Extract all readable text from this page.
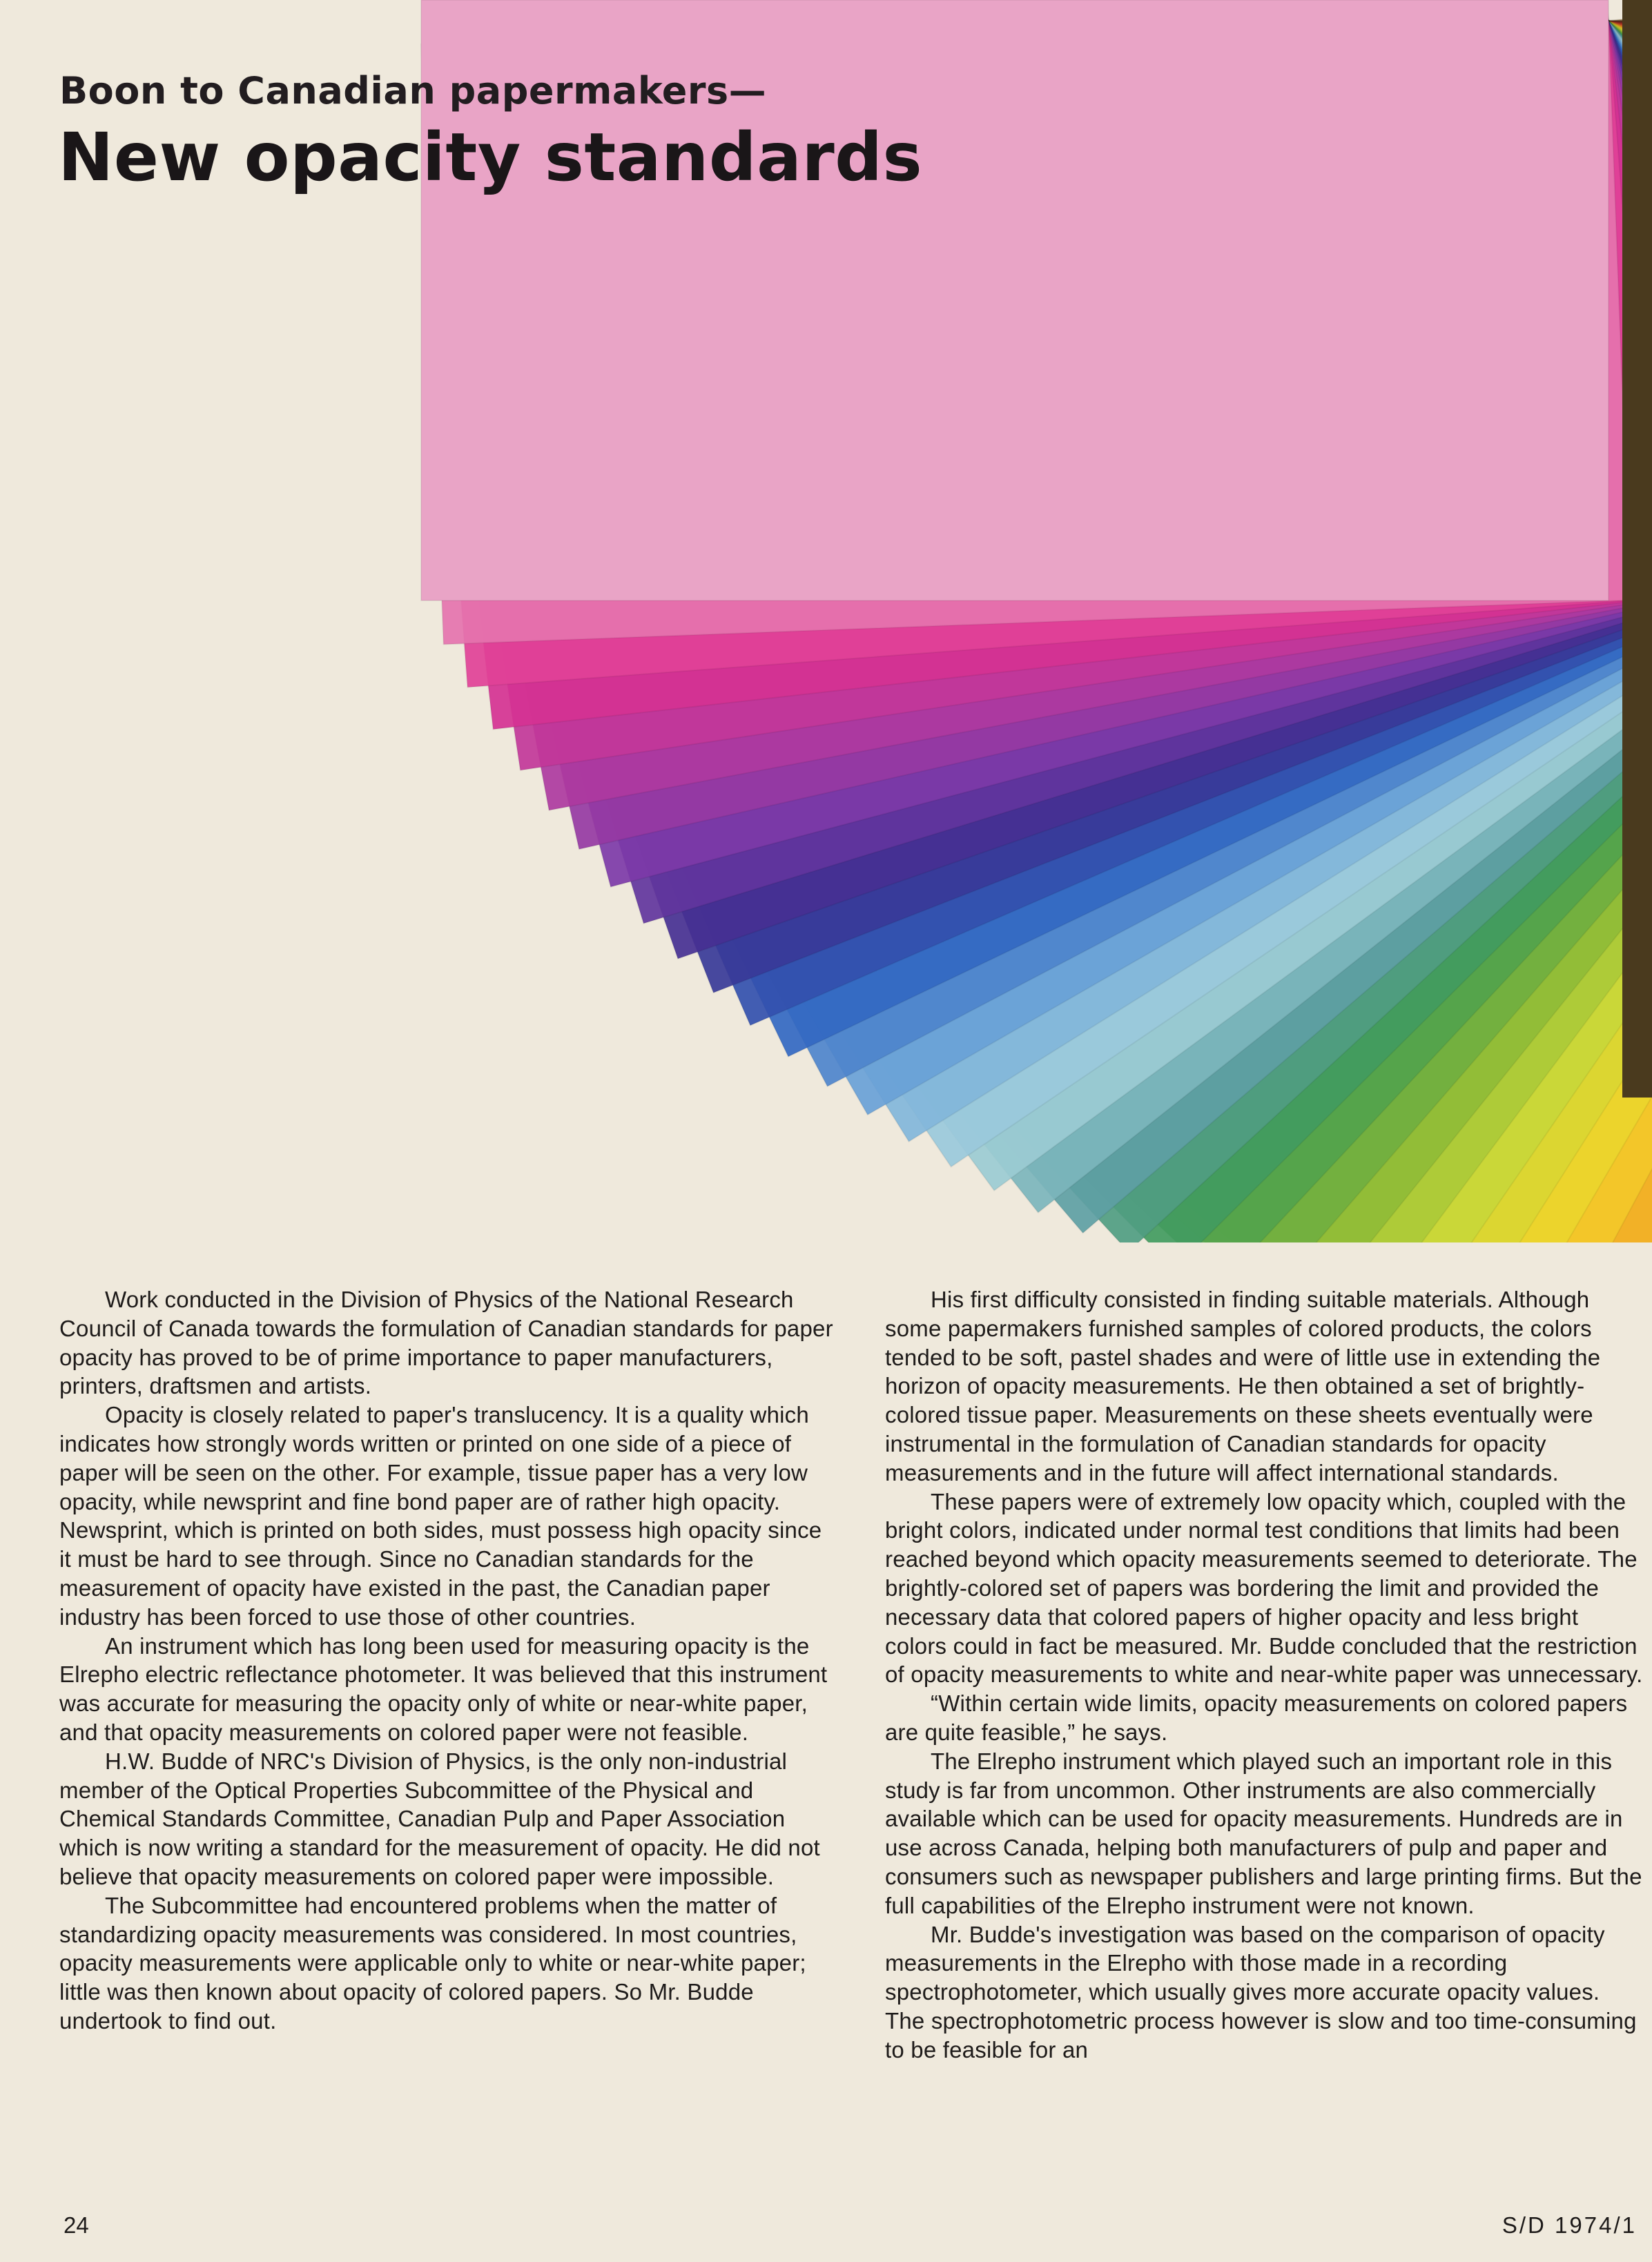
Boon to Canadian papermakers—
New opacity standards

Work conducted in the Division of Physics of the National Research Council of Canada towards the formulation of Canadian standards for paper opacity has proved to be of prime importance to paper manufacturers, printers, draftsmen and artists.

Opacity is closely related to paper's translucency. It is a quality which indicates how strongly words written or printed on one side of a piece of paper will be seen on the other. For example, tissue paper has a very low opacity, while newsprint and fine bond paper are of rather high opacity. Newsprint, which is printed on both sides, must possess high opacity since it must be hard to see through. Since no Canadian standards for the measurement of opacity have existed in the past, the Canadian paper industry has been forced to use those of other countries.

An instrument which has long been used for measuring opacity is the Elrepho electric reflectance photometer. It was believed that this instrument was accurate for measuring the opacity only of white or near-white paper, and that opacity measurements on colored paper were not feasible.

H.W. Budde of NRC's Division of Physics, is the only non-industrial member of the Optical Properties Subcommittee of the Physical and Chemical Standards Committee, Canadian Pulp and Paper Association which is now writing a standard for the measurement of opacity. He did not believe that opacity measurements on colored paper were impossible.

The Subcommittee had encountered problems when the matter of standardizing opacity measurements was considered. In most countries, opacity measurements were applicable only to white or near-white paper; little was then known about opacity of colored papers. So Mr. Budde undertook to find out.

His first difficulty consisted in finding suitable materials. Although some papermakers furnished samples of colored products, the colors tended to be soft, pastel shades and were of little use in extending the horizon of opacity measurements. He then obtained a set of brightly-colored tissue paper. Measurements on these sheets eventually were instrumental in the formulation of Canadian standards for opacity measurements and in the future will affect international standards.

These papers were of extremely low opacity which, coupled with the bright colors, indicated under normal test conditions that limits had been reached beyond which opacity measurements seemed to deteriorate. The brightly-colored set of papers was bordering the limit and provided the necessary data that colored papers of higher opacity and less bright colors could in fact be measured. Mr. Budde concluded that the restriction of opacity measurements to white and near-white paper was unnecessary.

“Within certain wide limits, opacity measurements on colored papers are quite feasible,” he says.

The Elrepho instrument which played such an important role in this study is far from uncommon. Other instruments are also commercially available which can be used for opacity measurements. Hundreds are in use across Canada, helping both manufacturers of pulp and paper and consumers such as newspaper publishers and large printing firms. But the full capabilities of the Elrepho instrument were not known.

Mr. Budde's investigation was based on the comparison of opacity measurements in the Elrepho with those made in a recording spectrophotometer, which usually gives more accurate opacity values. The spectrophotometric process however is slow and too time-consuming to be feasible for an

24	S/D 1974/1
